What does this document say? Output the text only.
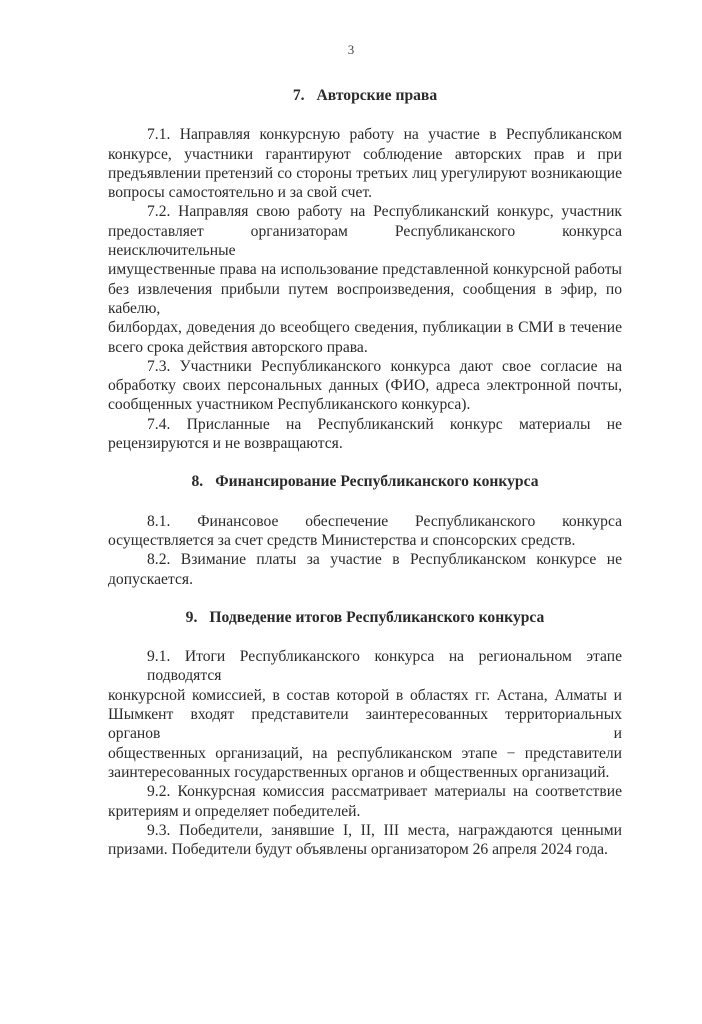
3
7. Авторские права
7.1. Направляя конкурсную работу на участие в Республиканском
конкурсе, участники гарантируют соблюдение авторских прав и при
предъявлении претензий со стороны третьих лиц урегулируют возникающие
вопросы самостоятельно и за свой счет.
7.2. Направляя свою работу на Республиканский конкурс, участник
предоставляет организаторам Республиканского конкурса неисключительные
имущественные права на использование представленной конкурсной работы
без извлечения прибыли путем воспроизведения, сообщения в эфир, по кабелю,
билбордах, доведения до всеобщего сведения, публикации в СМИ в течение
всего срока действия авторского права.
7.3. Участники Республиканского конкурса дают свое согласие на
обработку своих персональных данных (ФИО, адреса электронной почты,
сообщенных участником Республиканского конкурса).
7.4. Присланные на Республиканский конкурс материалы не
рецензируются и не возвращаются.
8. Финансирование Республиканского конкурса
8.1. Финансовое обеспечение Республиканского конкурса
осуществляется за счет средств Министерства и спонсорских средств.
8.2. Взимание платы за участие в Республиканском конкурсе не
допускается.
9. Подведение итогов Республиканского конкурса
9.1. Итоги Республиканского конкурса на региональном этапе подводятся
конкурсной комиссией, в состав которой в областях гг. Астана, Алматы и
Шымкент входят представители заинтересованных территориальных органов и
общественных организаций, на республиканском этапе − представители
заинтересованных государственных органов и общественных организаций.
9.2. Конкурсная комиссия рассматривает материалы на соответствие
критериям и определяет победителей.
9.3. Победители, занявшие I, II, III места, награждаются ценными
призами. Победители будут объявлены организатором 26 апреля 2024 года.
